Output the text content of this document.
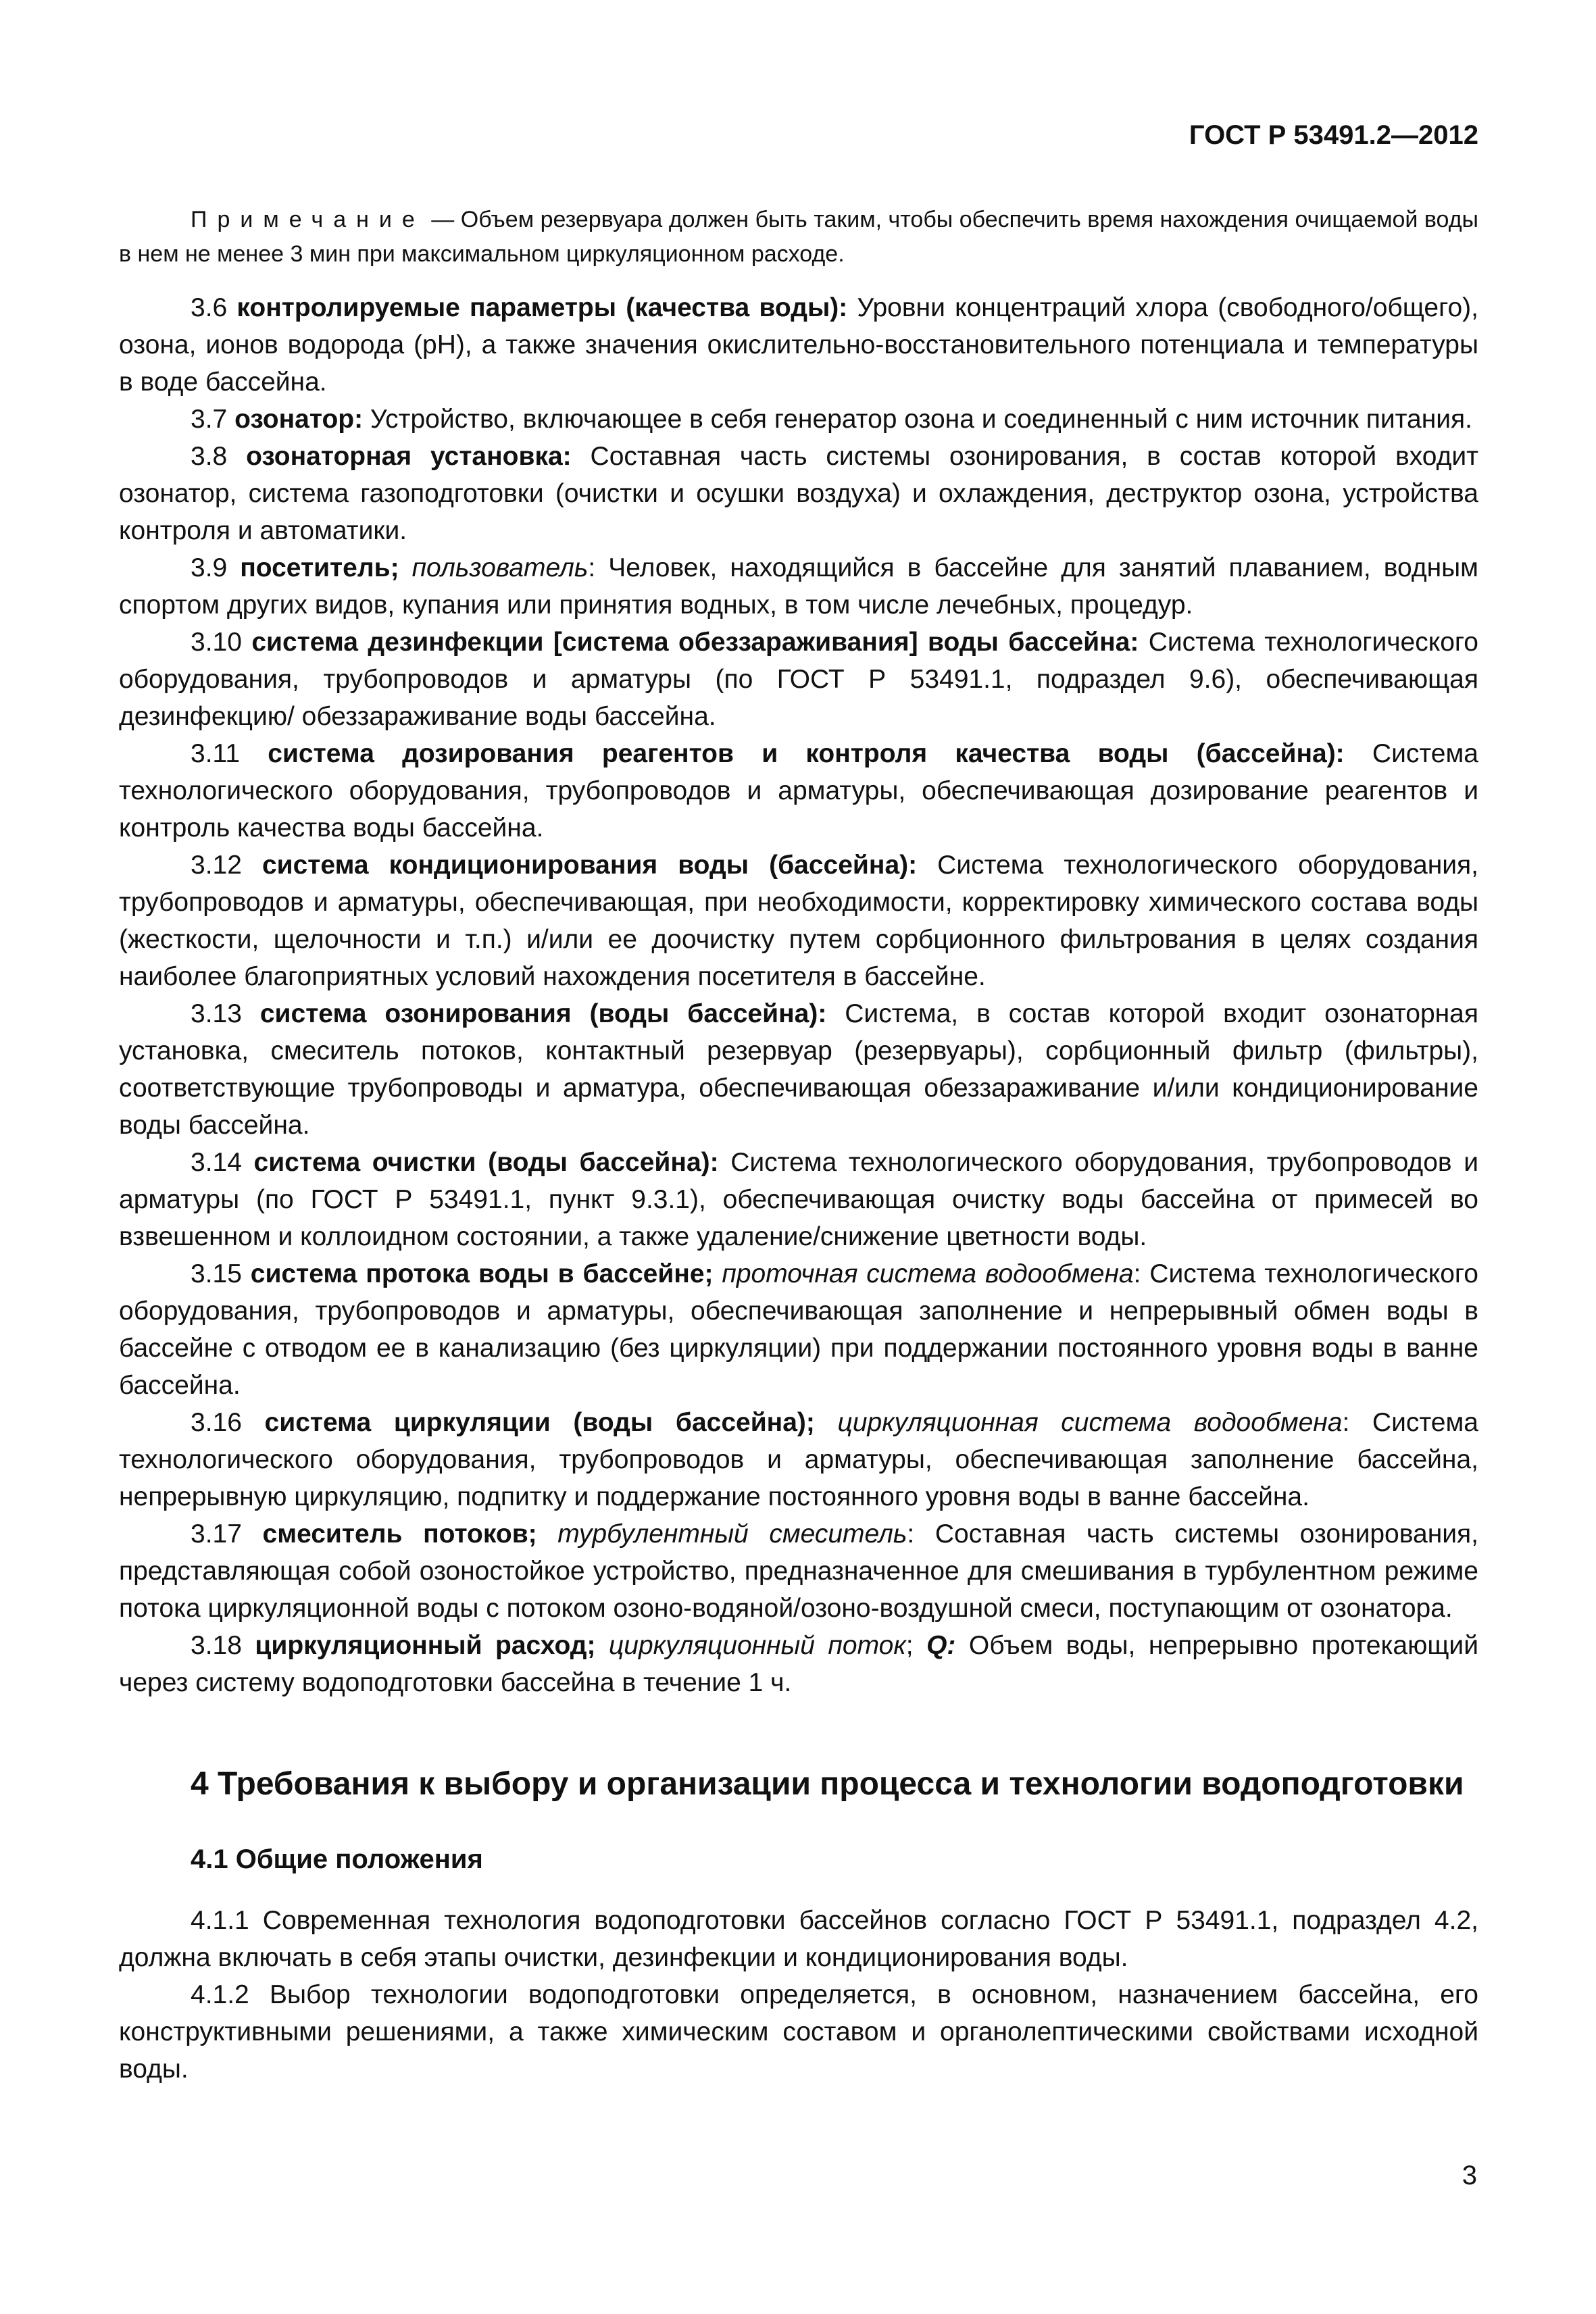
ГОСТ Р 53491.2—2012

Примечание — Объем резервуара должен быть таким, чтобы обеспечить время нахождения очищаемой воды в нем не менее 3 мин при максимальном циркуляционном расходе.

3.6 контролируемые параметры (качества воды): Уровни концентраций хлора (свободного/общего), озона, ионов водорода (pH), а также значения окислительно-восстановительного потенциала и температуры в воде бассейна.

3.7 озонатор: Устройство, включающее в себя генератор озона и соединенный с ним источник питания.

3.8 озонаторная установка: Составная часть системы озонирования, в состав которой входит озонатор, система газоподготовки (очистки и осушки воздуха) и охлаждения, деструктор озона, устройства контроля и автоматики.

3.9 посетитель; пользователь: Человек, находящийся в бассейне для занятий плаванием, водным спортом других видов, купания или принятия водных, в том числе лечебных, процедур.

3.10 система дезинфекции [система обеззараживания] воды бассейна: Система технологического оборудования, трубопроводов и арматуры (по ГОСТ Р 53491.1, подраздел 9.6), обеспечивающая дезинфекцию/ обеззараживание воды бассейна.

3.11 система дозирования реагентов и контроля качества воды (бассейна): Система технологического оборудования, трубопроводов и арматуры, обеспечивающая дозирование реагентов и контроль качества воды бассейна.

3.12 система кондиционирования воды (бассейна): Система технологического оборудования, трубопроводов и арматуры, обеспечивающая, при необходимости, корректировку химического состава воды (жесткости, щелочности и т.п.) и/или ее доочистку путем сорбционного фильтрования в целях создания наиболее благоприятных условий нахождения посетителя в бассейне.

3.13 система озонирования (воды бассейна): Система, в состав которой входит озонаторная установка, смеситель потоков, контактный резервуар (резервуары), сорбционный фильтр (фильтры), соответствующие трубопроводы и арматура, обеспечивающая обеззараживание и/или кондиционирование воды бассейна.

3.14 система очистки (воды бассейна): Система технологического оборудования, трубопроводов и арматуры (по ГОСТ Р 53491.1, пункт 9.3.1), обеспечивающая очистку воды бассейна от примесей во взвешенном и коллоидном состоянии, а также удаление/снижение цветности воды.

3.15 система протока воды в бассейне; проточная система водообмена: Система технологического оборудования, трубопроводов и арматуры, обеспечивающая заполнение и непрерывный обмен воды в бассейне с отводом ее в канализацию (без циркуляции) при поддержании постоянного уровня воды в ванне бассейна.

3.16 система циркуляции (воды бассейна); циркуляционная система водообмена: Система технологического оборудования, трубопроводов и арматуры, обеспечивающая заполнение бассейна, непрерывную циркуляцию, подпитку и поддержание постоянного уровня воды в ванне бассейна.

3.17 смеситель потоков; турбулентный смеситель: Составная часть системы озонирования, представляющая собой озоностойкое устройство, предназначенное для смешивания в турбулентном режиме потока циркуляционной воды с потоком озоно-водяной/озоно-воздушной смеси, поступающим от озонатора.

3.18 циркуляционный расход; циркуляционный поток; Q: Объем воды, непрерывно протекающий через систему водоподготовки бассейна в течение 1 ч.

4 Требования к выбору и организации процесса и технологии водоподготовки
4.1 Общие положения

4.1.1 Современная технология водоподготовки бассейнов согласно ГОСТ Р 53491.1, подраздел 4.2, должна включать в себя этапы очистки, дезинфекции и кондиционирования воды.

4.1.2 Выбор технологии водоподготовки определяется, в основном, назначением бассейна, его конструктивными решениями, а также химическим составом и органолептическими свойствами исходной воды.

3
